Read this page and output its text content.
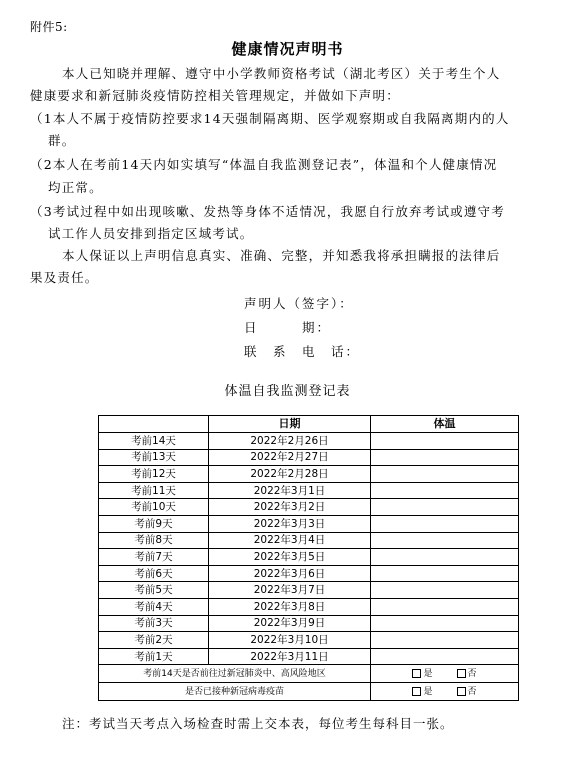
附件5:
健康情况声明书
本人已知晓并理解、遵守中小学教师资格考试（湖北考区）关于考生个人
健康要求和新冠肺炎疫情防控相关管理规定，并做如下声明：
（1本人不属于疫情防控要求14天强制隔离期、医学观察期或自我隔离期内的人
群。
（2本人在考前14天内如实填写“体温自我监测登记表”，体温和个人健康情况
均正常。
（3考试过程中如出现咳嗽、发热等身体不适情况，我愿自行放弃考试或遵守考
试工作人员安排到指定区域考试。
本人保证以上声明信息真实、准确、完整，并知悉我将承担瞒报的法律后
果及责任。
声明人（签字）：
日　　　期：
联　系　电　话：
体温自我监测登记表
	日期	体温
考前14天	2022年2月26日	
考前13天	2022年2月27日	
考前12天	2022年2月28日	
考前11天	2022年3月1日	
考前10天	2022年3月2日	
考前9天	2022年3月3日	
考前8天	2022年3月4日	
考前7天	2022年3月5日	
考前6天	2022年3月6日	
考前5天	2022年3月7日	
考前4天	2022年3月8日	
考前3天	2022年3月9日	
考前2天	2022年3月10日	
考前1天	2022年3月11日	
考前14天是否前往过新冠肺炎中、高风险地区		是 否
是否已接种新冠病毒疫苗		是 否
注：考试当天考点入场检查时需上交本表，每位考生每科目一张。
